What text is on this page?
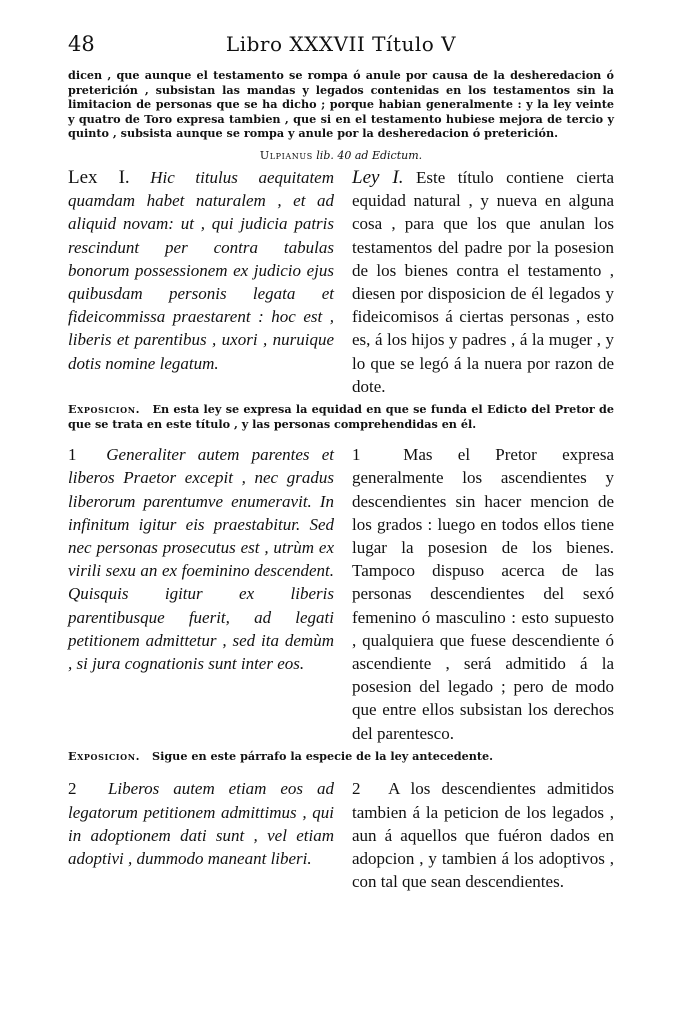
48	Libro XXXVII Título V
dicen , que aunque el testamento se rompa ó anule por causa de la desheredacion ó preterición , subsistan las mandas y legados contenidas en los testamentos sin la limitacion de personas que se ha dicho ; porque habian generalmente : y la ley veinte y quatro de Toro expresa tambien , que si en el testamento hubiese mejora de tercio y quinto , subsista aunque se rompa y anule por la desheredacion ó preterición.
Ulpianus lib. 40 ad Edictum.
Lex I. Hic titulus aequitatem quamdam habet naturalem , et ad aliquid novam: ut , qui judicia patris rescindunt per contra tabulas bonorum possessionem ex judicio ejus quibusdam personis legata et fideicommissa praestarent : hoc est , liberis et parentibus , uxori , nuruique dotis nomine legatum.
Ley I. Este título contiene cierta equidad natural , y nueva en alguna cosa , para que los que anulan los testamentos del padre por la posesion de los bienes contra el testamento , diesen por disposicion de él legados y fideicomisos á ciertas personas , esto es, á los hijos y padres , á la muger , y lo que se legó á la nuera por razon de dote.
Exposicion. En esta ley se expresa la equidad en que se funda el Edicto del Pretor de que se trata en este título , y las personas comprehendidas en él.
1 Generaliter autem parentes et liberos Praetor excepit , nec gradus liberorum parentumve enumeravit. In infinitum igitur eis praestabitur. Sed nec personas prosecutus est , utrùm ex virili sexu an ex foeminino descendent. Quisquis igitur ex liberis parentibusque fuerit, ad legati petitionem admittetur , sed ita demùm , si jura cognationis sunt inter eos.
1	Mas el Pretor expresa generalmente los ascendientes y descendientes sin hacer mencion de los grados : luego en todos ellos tiene lugar la posesion de los bienes. Tampoco dispuso acerca de las personas descendientes del sexó femenino ó masculino : esto supuesto , qualquiera que fuese descendiente ó ascendiente , será admitido á la posesion del legado ; pero de modo que entre ellos subsistan los derechos del parentesco.
Exposicion. Sigue en este párrafo la especie de la ley antecedente.
2 Liberos autem etiam eos ad legatorum petitionem admittimus , qui in adoptionem dati sunt , vel etiam adoptivi , dummodo maneant liberi.
2 A los descendientes admitidos tambien á la peticion de los legados , aun á aquellos que fuéron dados en adopcion , y tambien á los adoptivos , con tal que sean descendientes.
